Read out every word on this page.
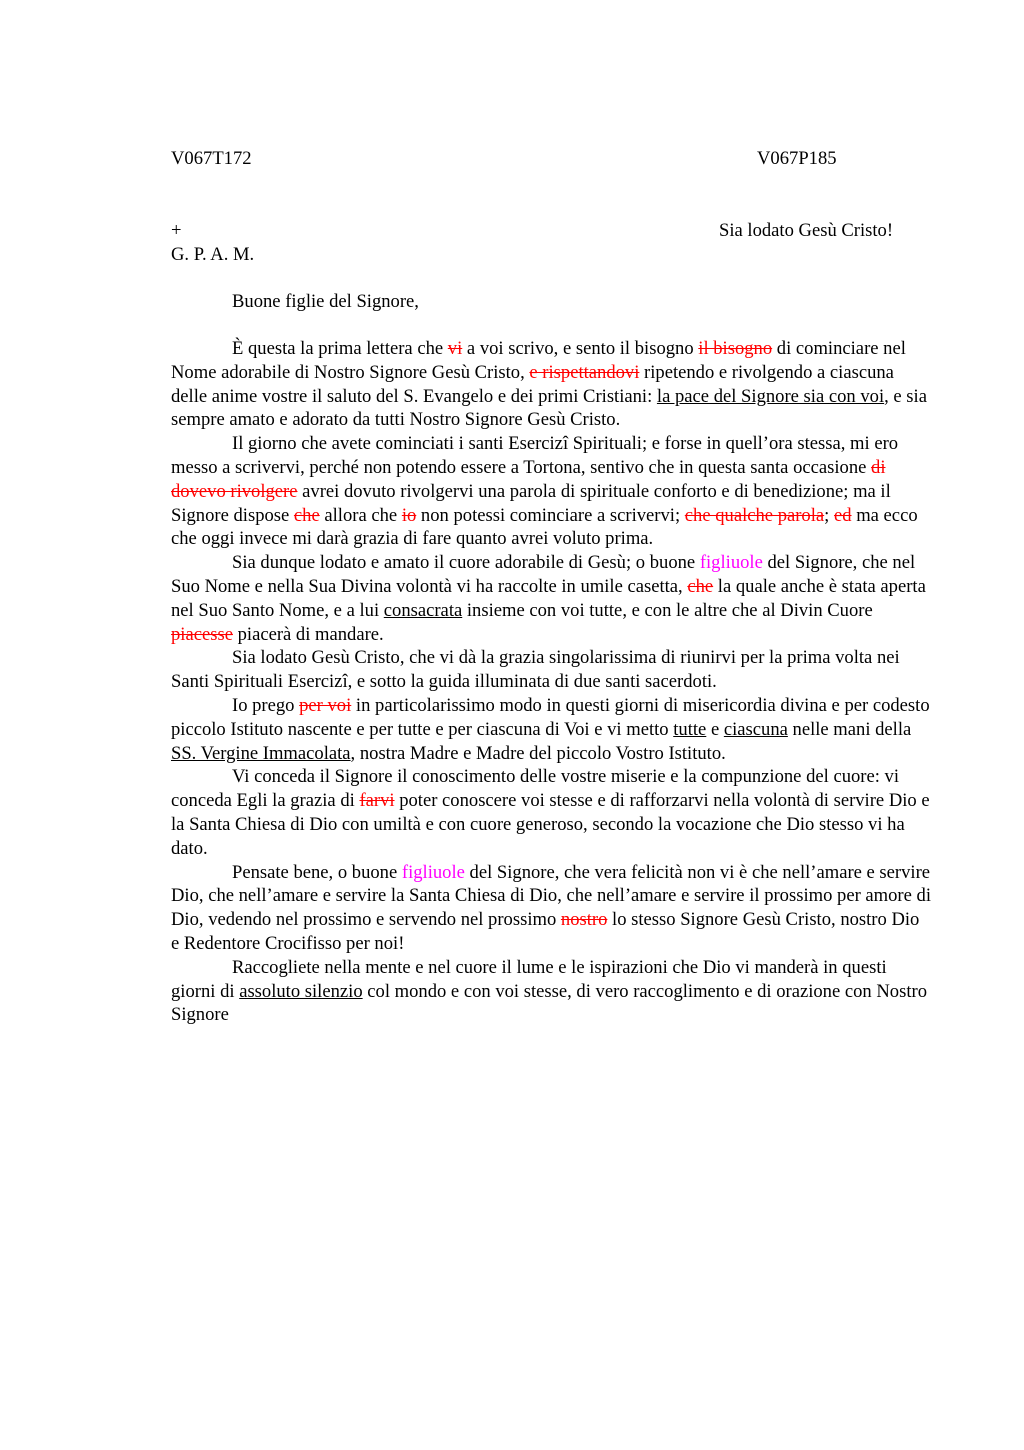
V067T172	V067P185
+	Sia lodato Gesù Cristo!
G. P. A. M.
Buone figlie del Signore,

È questa la prima lettera che vi a voi scrivo, e sento il bisogno il bisogno di cominciare nel Nome adorabile di Nostro Signore Gesù Cristo, e rispettandovi ripetendo e rivolgendo a ciascuna delle anime vostre il saluto del S. Evangelo e dei primi Cristiani: la pace del Signore sia con voi, e sia sempre amato e adorato da tutti Nostro Signore Gesù Cristo.

Il giorno che avete cominciati i santi Esercizî Spirituali; e forse in quell’ora stessa, mi ero messo a scrivervi, perché non potendo essere a Tortona, sentivo che in questa santa occasione di dovevo rivolgere avrei dovuto rivolgervi una parola di spirituale conforto e di benedizione; ma il Signore dispose che allora che io non potessi cominciare a scrivervi; che qualche parola; ed ma ecco che oggi invece mi darà grazia di fare quanto avrei voluto prima.

Sia dunque lodato e amato il cuore adorabile di Gesù; o buone figliuole del Signore, che nel Suo Nome e nella Sua Divina volontà vi ha raccolte in umile casetta, che la quale anche è stata aperta nel Suo Santo Nome, e a lui consacrata insieme con voi tutte, e con le altre che al Divin Cuore piacesse piacerà di mandare.

Sia lodato Gesù Cristo, che vi dà la grazia singolarissima di riunirvi per la prima volta nei Santi Spirituali Esercizî, e sotto la guida illuminata di due santi sacerdoti.

Io prego per voi in particolarissimo modo in questi giorni di misericordia divina e per codesto piccolo Istituto nascente e per tutte e per ciascuna di Voi e vi metto tutte e ciascuna nelle mani della SS. Vergine Immacolata, nostra Madre e Madre del piccolo Vostro Istituto.

Vi conceda il Signore il conoscimento delle vostre miserie e la compunzione del cuore: vi conceda Egli la grazia di farvi poter conoscere voi stesse e di rafforzarvi nella volontà di servire Dio e la Santa Chiesa di Dio con umiltà e con cuore generoso, secondo la vocazione che Dio stesso vi ha dato.

Pensate bene, o buone figliuole del Signore, che vera felicità non vi è che nell’amare e servire Dio, che nell’amare e servire la Santa Chiesa di Dio, che nell’amare e servire il prossimo per amore di Dio, vedendo nel prossimo e servendo nel prossimo nostro lo stesso Signore Gesù Cristo, nostro Dio e Redentore Crocifisso per noi!

Raccogliete nella mente e nel cuore il lume e le ispirazioni che Dio vi manderà in questi giorni di assoluto silenzio col mondo e con voi stesse, di vero raccoglimento e di orazione con Nostro Signore
